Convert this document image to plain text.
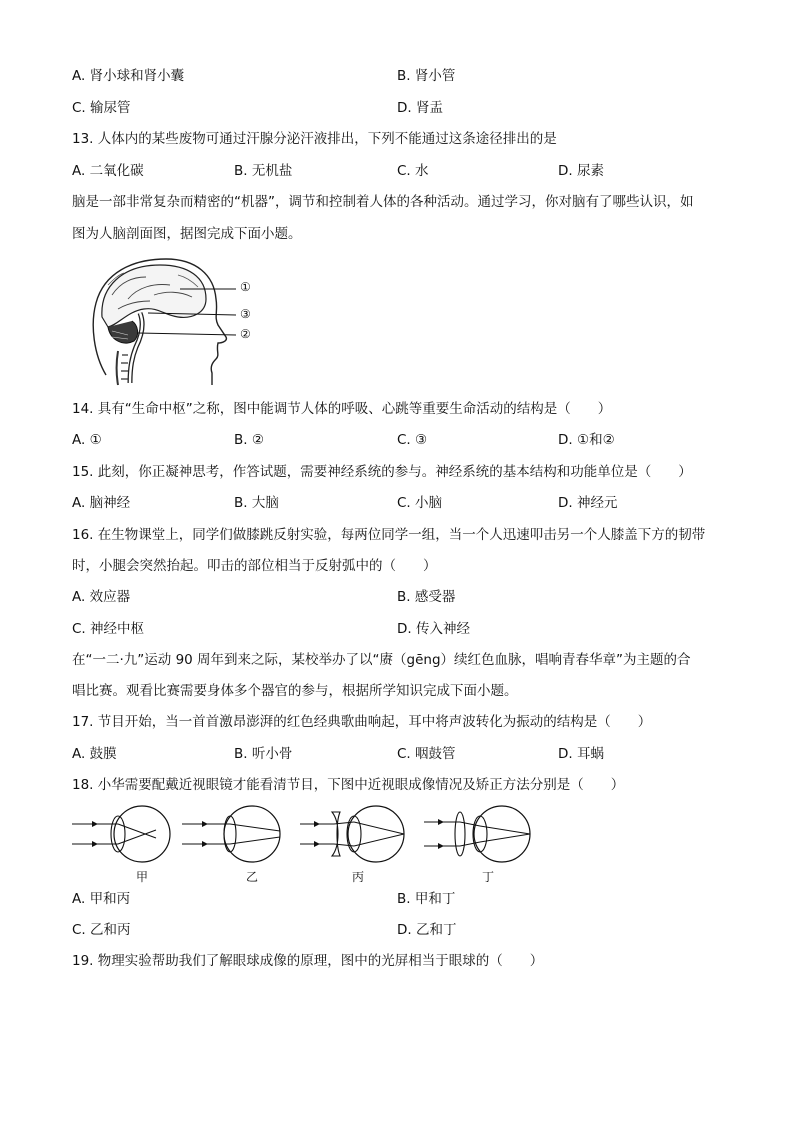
A. 肾小球和肾小囊	B. 肾小管
C. 输尿管	D. 肾盂
13. 人体内的某些废物可通过汗腺分泌汗液排出，下列不能通过这条途径排出的是
A. 二氧化碳	B. 无机盐	C. 水	D. 尿素
脑是一部非常复杂而精密的“机器”，调节和控制着人体的各种活动。通过学习，你对脑有了哪些认识，如
图为人脑剖面图，据图完成下面小题。
①
③
②
14. 具有“生命中枢”之称，图中能调节人体的呼吸、心跳等重要生命活动的结构是（　　）
A. ①	B. ②	C. ③	D. ①和②
15. 此刻，你正凝神思考，作答试题，需要神经系统的参与。神经系统的基本结构和功能单位是（　　）
A. 脑神经	B. 大脑	C. 小脑	D. 神经元
16. 在生物课堂上，同学们做膝跳反射实验，每两位同学一组，当一个人迅速叩击另一个人膝盖下方的韧带
时，小腿会突然抬起。叩击的部位相当于反射弧中的（　　）
A. 效应器	B. 感受器
C. 神经中枢	D. 传入神经
在“一二·九”运动 90 周年到来之际，某校举办了以“赓（gēng）续红色血脉，唱响青春华章”为主题的合
唱比赛。观看比赛需要身体多个器官的参与，根据所学知识完成下面小题。
17. 节目开始，当一首首激昂澎湃的红色经典歌曲响起，耳中将声波转化为振动的结构是（　　）
A. 鼓膜	B. 听小骨	C. 咽鼓管	D. 耳蜗
18. 小华需要配戴近视眼镜才能看清节目，下图中近视眼成像情况及矫正方法分别是（　　）
甲	乙	丙	丁
A. 甲和丙	B. 甲和丁
C. 乙和丙	D. 乙和丁
19. 物理实验帮助我们了解眼球成像的原理，图中的光屏相当于眼球的（　　）
